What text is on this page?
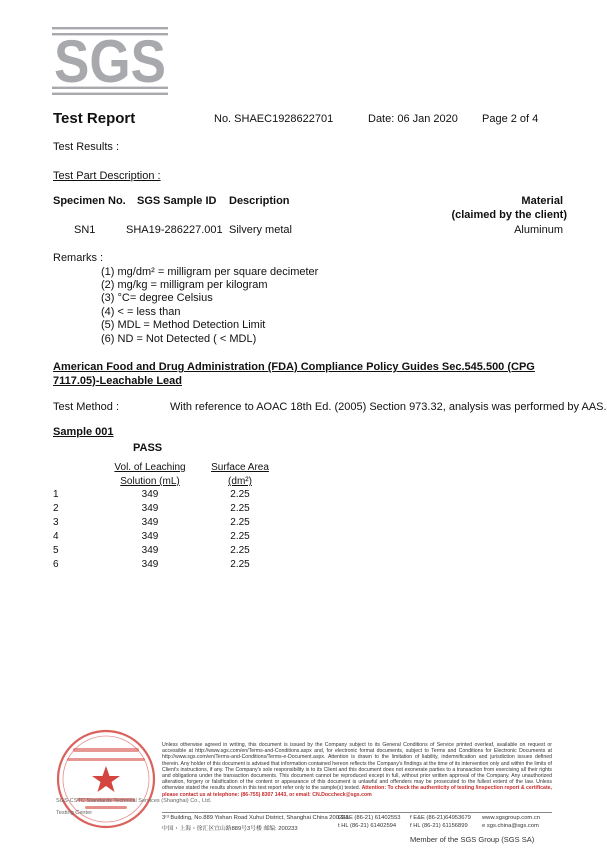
SGS
Test Report	No. SHAEC1928622701	Date: 06 Jan 2020 Page 2 of 4
Test Results :
Test Part Description :
Specimen No. SGS Sample ID Description	Material
(claimed by the client)
SN1	SHA19-286227.001 Silvery metal	Aluminum
Remarks :
(1) mg/dm² = milligram per square decimeter
(2) mg/kg = milligram per kilogram
(3) °C= degree Celsius
(4) < = less than
(5) MDL = Method Detection Limit
(6) ND = Not Detected ( < MDL)
American Food and Drug Administration (FDA) Compliance Policy Guides Sec.545.500 (CPG
7117.05)-Leachable Lead
Test Method :	With reference to AOAC 18th Ed. (2005) Section 973.32, analysis was performed by AAS.
Sample 001
PASS
Vol. of Leaching
Solution (mL)
Surface Area
(dm²)
1	349	2.25
2	349	2.25
3	349	2.25
4	349	2.25
5	349	2.25
6	349	2.25
SGS-CSTC Standards Technical Services (Shanghai) Co., Ltd.
Testing Center
Unless otherwise agreed in writing, this document is issued by the Company subject to its General Conditions of Service printed overleaf, available on request or accessible at http://www.sgs.com/en/Terms-and-Conditions.aspx and, for electronic format documents, subject to Terms and Conditions for Electronic Documents at http://www.sgs.com/en/Terms-and-Conditions/Terms-e-Document.aspx. Attention is drawn to the limitation of liability, indemnification and jurisdiction issues defined therein. Any holder of this document is advised that information contained hereon reflects the Company's findings at the time of its intervention only and within the limits of Client's instructions, if any. The Company's sole responsibility is to its Client and this document does not exonerate parties to a transaction from exercising all their rights and obligations under the transaction documents. This document cannot be reproduced except in full, without prior written approval of the Company. Any unauthorized alteration, forgery or falsification of the content or appearance of this document is unlawful and offenders may be prosecuted to the fullest extent of the law. Unless otherwise stated the results shown in this test report refer only to the sample(s) tested. Attention: To check the authenticity of testing /inspection report & certificate, please contact us at telephone: (86-755) 8307 1443, or email: CN.Doccheck@sgs.com
3ʳᵈ Building, No.889 Yishan Road Xuhui District, Shanghai China 200233
中国・上海・徐汇区宜山路889号3号楼 邮编: 200233
t E&E (86-21) 61402553
t HL (86-21) 61402594
f E&E (86-21)64953679
f HL (86-21) 61156899
www.sgsgroup.com.cn
e sgs.china@sgs.com
Member of the SGS Group (SGS SA)
